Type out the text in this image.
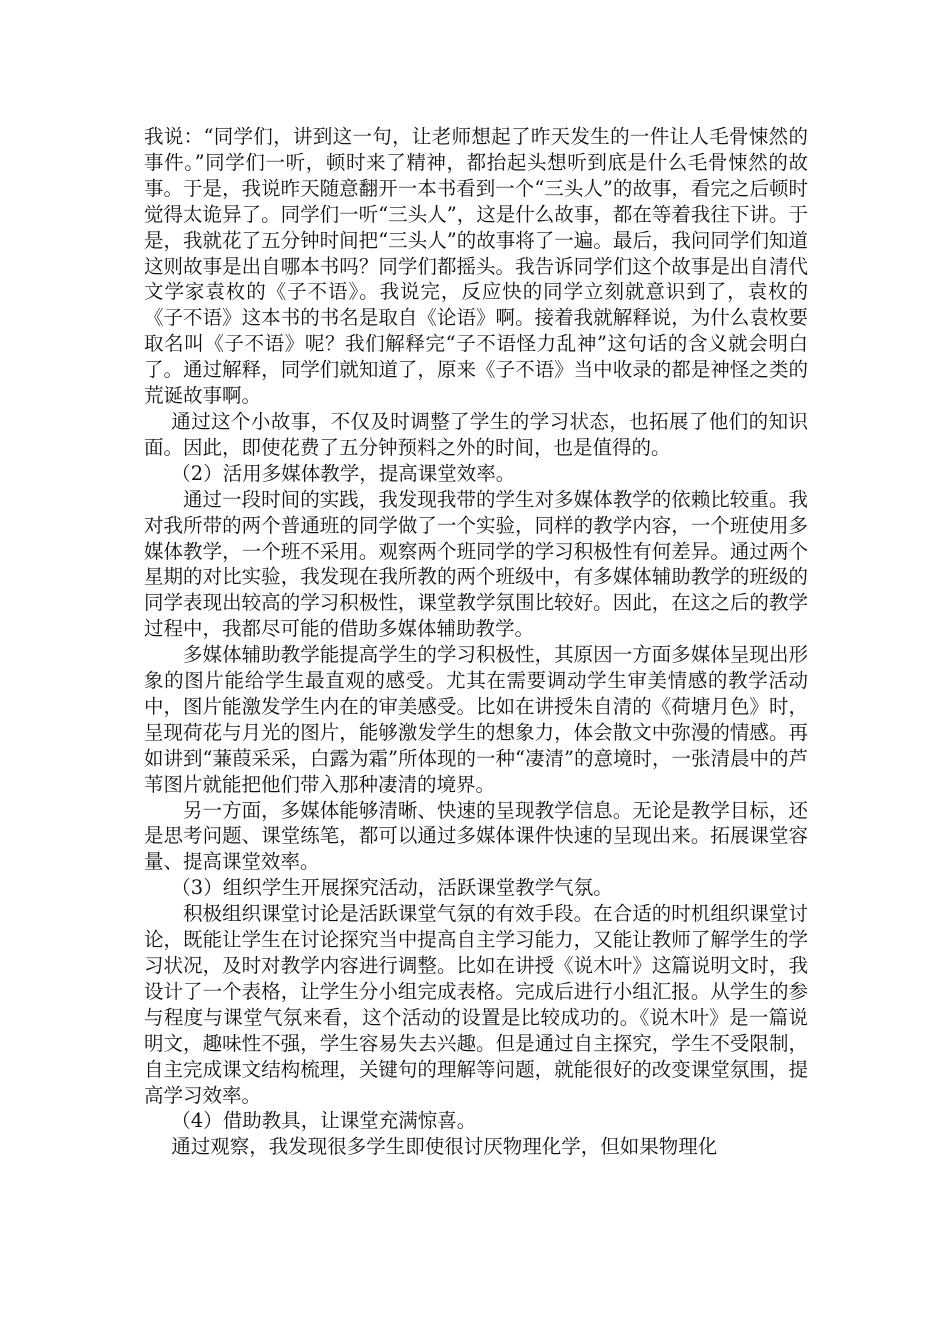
我说：“同学们，讲到这一句，让老师想起了昨天发生的一件让人毛骨悚然的事件。”同学们一听，顿时来了精神，都抬起头想听到底是什么毛骨悚然的故事。于是，我说昨天随意翻开一本书看到一个“三头人”的故事，看完之后顿时觉得太诡异了。同学们一听“三头人”，这是什么故事，都在等着我往下讲。于是，我就花了五分钟时间把“三头人”的故事将了一遍。最后，我问同学们知道这则故事是出自哪本书吗？同学们都摇头。我告诉同学们这个故事是出自清代文学家袁枚的《子不语》。我说完，反应快的同学立刻就意识到了，袁枚的《子不语》这本书的书名是取自《论语》啊。接着我就解释说，为什么袁枚要取名叫《子不语》呢？我们解释完“子不语怪力乱神”这句话的含义就会明白了。通过解释，同学们就知道了，原来《子不语》当中收录的都是神怪之类的荒诞故事啊。

通过这个小故事，不仅及时调整了学生的学习状态，也拓展了他们的知识面。因此，即使花费了五分钟预料之外的时间，也是值得的。

（2）活用多媒体教学，提高课堂效率。

通过一段时间的实践，我发现我带的学生对多媒体教学的依赖比较重。我对我所带的两个普通班的同学做了一个实验，同样的教学内容，一个班使用多媒体教学，一个班不采用。观察两个班同学的学习积极性有何差异。通过两个星期的对比实验，我发现在我所教的两个班级中，有多媒体辅助教学的班级的同学表现出较高的学习积极性，课堂教学氛围比较好。因此，在这之后的教学过程中，我都尽可能的借助多媒体辅助教学。

多媒体辅助教学能提高学生的学习积极性，其原因一方面多媒体呈现出形象的图片能给学生最直观的感受。尤其在需要调动学生审美情感的教学活动中，图片能激发学生内在的审美感受。比如在讲授朱自清的《荷塘月色》时，呈现荷花与月光的图片，能够激发学生的想象力，体会散文中弥漫的情感。再如讲到“蒹葭采采，白露为霜”所体现的一种“凄清”的意境时，一张清晨中的芦苇图片就能把他们带入那种凄清的境界。

另一方面，多媒体能够清晰、快速的呈现教学信息。无论是教学目标，还是思考问题、课堂练笔，都可以通过多媒体课件快速的呈现出来。拓展课堂容量、提高课堂效率。

（3）组织学生开展探究活动，活跃课堂教学气氛。

积极组织课堂讨论是活跃课堂气氛的有效手段。在合适的时机组织课堂讨论，既能让学生在讨论探究当中提高自主学习能力，又能让教师了解学生的学习状况，及时对教学内容进行调整。比如在讲授《说木叶》这篇说明文时，我设计了一个表格，让学生分小组完成表格。完成后进行小组汇报。从学生的参与程度与课堂气氛来看，这个活动的设置是比较成功的。《说木叶》是一篇说明文，趣味性不强，学生容易失去兴趣。但是通过自主探究，学生不受限制，自主完成课文结构梳理，关键句的理解等问题，就能很好的改变课堂氛围，提高学习效率。

（4）借助教具，让课堂充满惊喜。

通过观察，我发现很多学生即使很讨厌物理化学，但如果物理化
